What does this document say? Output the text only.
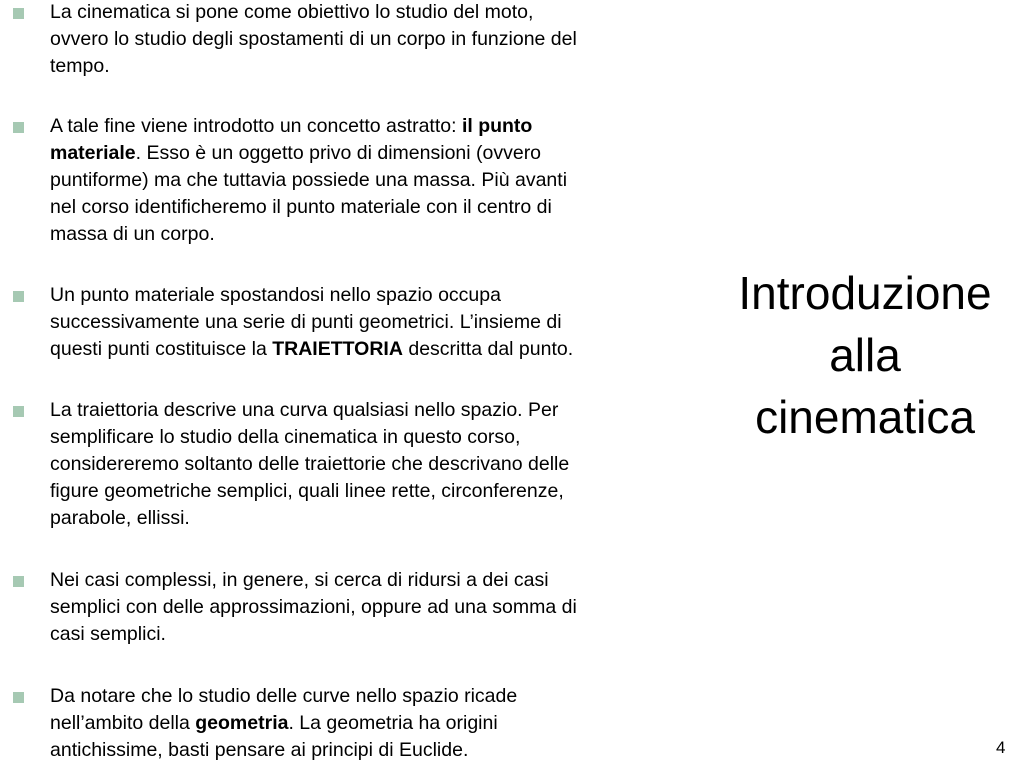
La cinematica si pone come obiettivo lo studio del moto,
ovvero lo studio degli spostamenti di un corpo in funzione del
tempo.
A tale fine viene introdotto un concetto astratto: il punto
materiale. Esso è un oggetto privo di dimensioni (ovvero
puntiforme) ma che tuttavia possiede una massa. Più avanti
nel corso identificheremo il punto materiale con il centro di
massa di un corpo.
Un punto materiale spostandosi nello spazio occupa
successivamente una serie di punti geometrici. L’insieme di
questi punti costituisce la TRAIETTORIA descritta dal punto.
La traiettoria descrive una curva qualsiasi nello spazio. Per
semplificare lo studio della cinematica in questo corso,
considereremo soltanto delle traiettorie che descrivano delle
figure geometriche semplici, quali linee rette, circonferenze,
parabole, ellissi.
Nei casi complessi, in genere, si cerca di ridursi a dei casi
semplici con delle approssimazioni, oppure ad una somma di
casi semplici.
Da notare che lo studio delle curve nello spazio ricade
nell’ambito della geometria. La geometria ha origini
antichissime, basti pensare ai principi di Euclide.
Introduzione
alla
cinematica
4
